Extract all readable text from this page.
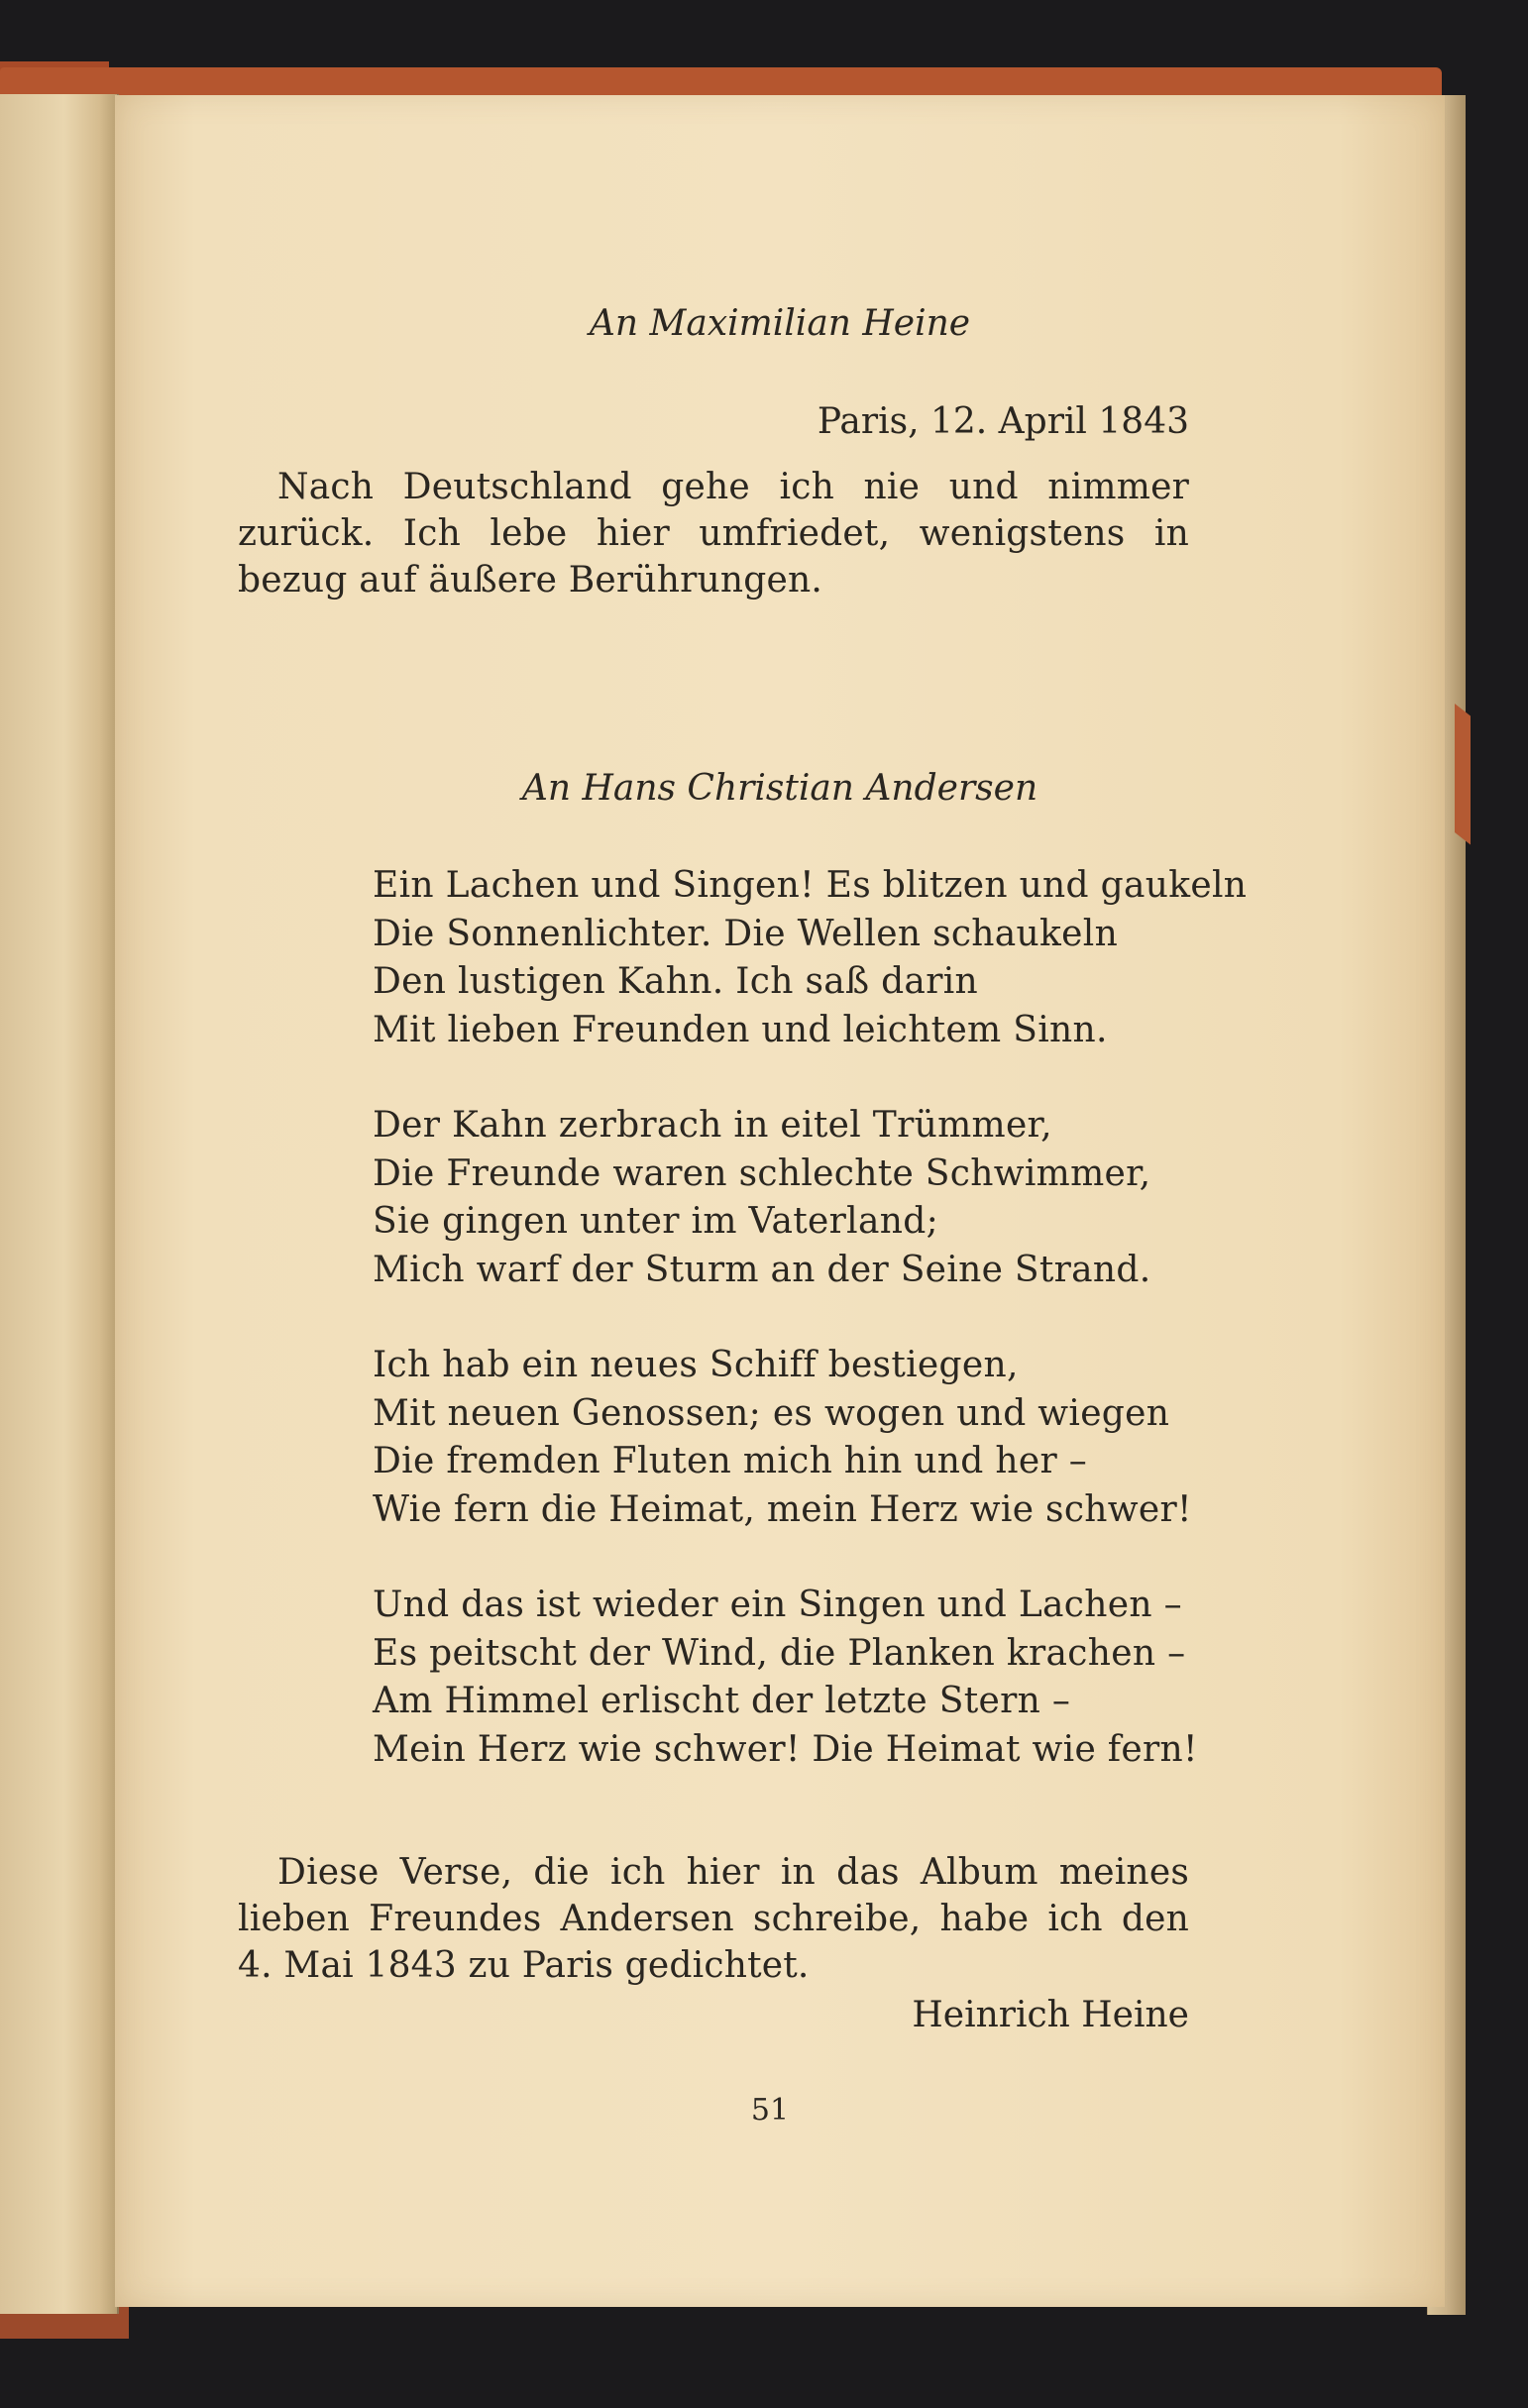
An Maximilian Heine
Paris, 12. April 1843

Nach Deutschland gehe ich nie und nimmer zurück. Ich lebe hier umfriedet, wenigstens in bezug auf äußere Berührungen.

An Hans Christian Andersen
Ein Lachen und Singen! Es blitzen und gaukeln
Die Sonnenlichter. Die Wellen schaukeln
Den lustigen Kahn. Ich saß darin
Mit lieben Freunden und leichtem Sinn.
Der Kahn zerbrach in eitel Trümmer,
Die Freunde waren schlechte Schwimmer,
Sie gingen unter im Vaterland;
Mich warf der Sturm an der Seine Strand.
Ich hab ein neues Schiff bestiegen,
Mit neuen Genossen; es wogen und wiegen
Die fremden Fluten mich hin und her –
Wie fern die Heimat, mein Herz wie schwer!
Und das ist wieder ein Singen und Lachen –
Es peitscht der Wind, die Planken krachen –
Am Himmel erlischt der letzte Stern –
Mein Herz wie schwer! Die Heimat wie fern!

Diese Verse, die ich hier in das Album meines lieben Freundes Andersen schreibe, habe ich den 4. Mai 1843 zu Paris gedichtet.

Heinrich Heine
51
